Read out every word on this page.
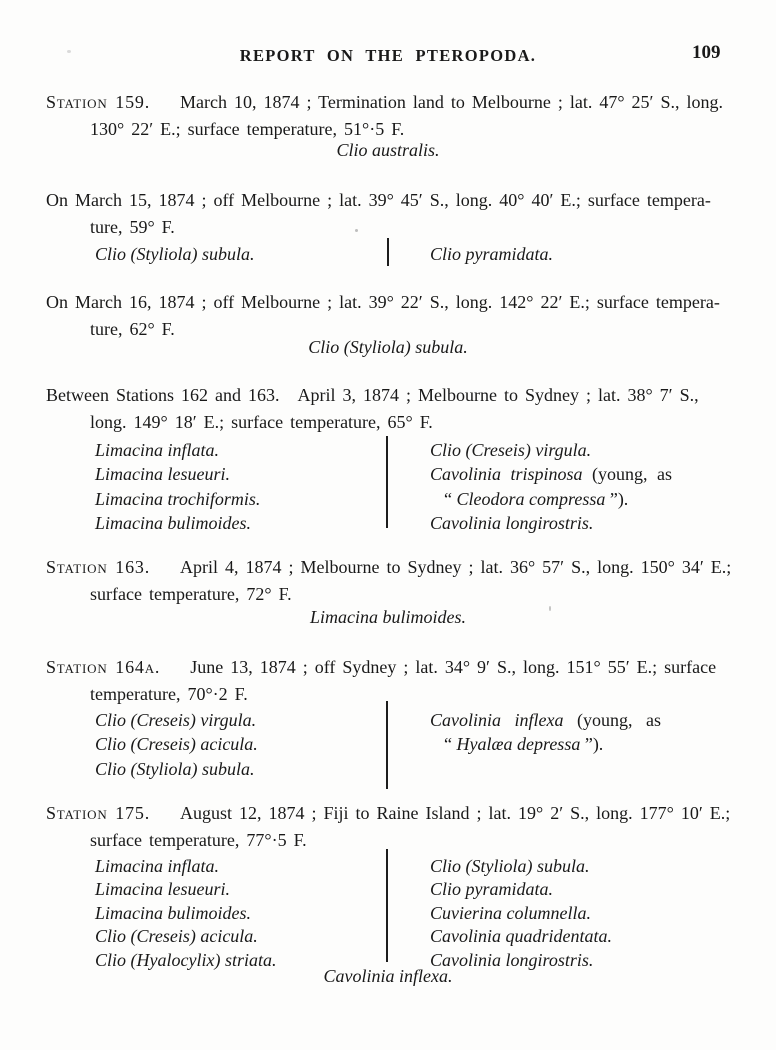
REPORT ON THE PTEROPODA.	109
Station 159. March 10, 1874 ; Termination land to Melbourne ; lat. 47° 25′ S., long.
130° 22′ E.; surface temperature, 51°·5 F.
Clio australis.
On March 15, 1874 ; off Melbourne ; lat. 39° 45′ S., long. 40° 40′ E.; surface tempera-
ture, 59° F.
Clio (Styliola) subula.	Clio pyramidata.
On March 16, 1874 ; off Melbourne ; lat. 39° 22′ S., long. 142° 22′ E.; surface tempera-
ture, 62° F.
Clio (Styliola) subula.
Between Stations 162 and 163. April 3, 1874 ; Melbourne to Sydney ; lat. 38° 7′ S.,
long. 149° 18′ E.; surface temperature, 65° F.
Limacina inflata.
Limacina lesueuri.
Limacina trochiformis.
Limacina bulimoides.
Clio (Creseis) virgula.
Cavolinia trispinosa (young, as
“ Cleodora compressa ”).
Cavolinia longirostris.
Station 163. April 4, 1874 ; Melbourne to Sydney ; lat. 36° 57′ S., long. 150° 34′ E.;
surface temperature, 72° F.
Limacina bulimoides.
Station 164a. June 13, 1874 ; off Sydney ; lat. 34° 9′ S., long. 151° 55′ E.; surface
temperature, 70°·2 F.
Clio (Creseis) virgula.
Clio (Creseis) acicula.
Clio (Styliola) subula.
Cavolinia inflexa (young, as
“ Hyalæa depressa ”).
Station 175. August 12, 1874 ; Fiji to Raine Island ; lat. 19° 2′ S., long. 177° 10′ E.;
surface temperature, 77°·5 F.
Limacina inflata.
Limacina lesueuri.
Limacina bulimoides.
Clio (Creseis) acicula.
Clio (Hyalocylix) striata.
Clio (Styliola) subula.
Clio pyramidata.
Cuvierina columnella.
Cavolinia quadridentata.
Cavolinia longirostris.
Cavolinia inflexa.
